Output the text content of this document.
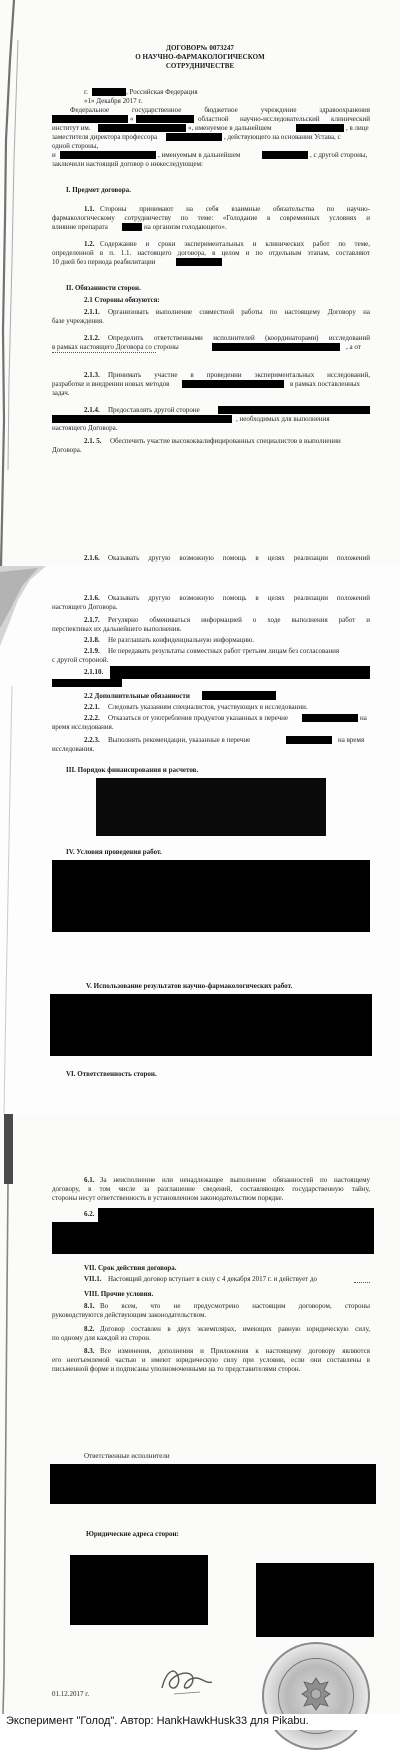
ДОГОВОР№ 0073247
О НАУЧНО-ФАРМАКОЛОГИЧЕСКОМ
СОТРУДНИЧЕСТВЕ
г.	, Российская Федерация
«1» Декабря 2017 г.
Федеральное государственное бюджетное учреждение здравоохранения
«	областной научно-исследовательский клинический
институт им.	», именуемое в дальнейшем	, в лице
заместителя директора профессора	, действующего на основании Устава, с
одной стороны,
и	, именуемым в дальнейшем	, с другой стороны,
заключили настоящий договор о нижеследующем:
I. Предмет договора.
1.1. Стороны принимают на себя взаимные обязательства по научно-
фармакологическому сотрудничеству по теме: «Голодание в современных условиях и
влияние препарата	на организм голодающего».
1.2. Содержание и сроки экспериментальных и клинических работ по теме,
определенной в п. 1.1. настоящего договора, в целом и по отдельным этапам, составляют
10 дней без периода реабилитации
II. Обязанности сторон.
2.1 Стороны обязуются:
2.1.1. Организовать выполнение совместной работы по настоящему Договору на
базе учреждения.
2.1.2. Определить ответственными исполнителей (координаторами) исследований
в рамках настоящего Договора со стороны	, а от
2.1.3. Принимать участие в проведении экспериментальных исследований,
разработке и внедрении новых методов	в рамках поставленных
задач.
2.1.4. Предоставлять другой стороне
, необходимых для выполнения
настоящего Договора.
2.1. 5. Обеспечить участие высококвалифицированных специалистов в выполнении
Договора.
2.1.6. Оказывать другую возможную помощь в целях реализации положений
2.1.6. Оказывать другую возможную помощь в целях реализации положений
настоящего Договора.
2.1.7. Регулярно обмениваться информацией о ходе выполнения работ и
перспективах их дальнейшего выполнения.
2.1.8. Не разглашать конфиденциальную информацию.
2.1.9. Не передавать результаты совместных работ третьим лицам без согласования
с другой стороной.
2.1.10.
2.2 Дополнительные обязанности
2.2.1. Следовать указаниям специалистов, участвующих в исследовании.
2.2.2. Отказаться от употребления продуктов указанных в перечне	на
время исследования.
2.2.3. Выполнять рекомендации, указанные в перечне	на время
исследования.
III. Порядок финансирования и расчетов.
IV. Условия проведения работ.
V. Использование результатов научно-фармакологических работ.
VI. Ответственность сторон.
6.1. За неисполнение или ненадлежащее выполнение обязанностей по настоящему
договору, в том числе за разглашение сведений, составляющих государственную тайну,
стороны несут ответственность в установленном законодательством порядке.
6.2.
VII. Срок действия договора.
VII.1. Настоящий договор вступает в силу с 4 декабря 2017 г. и действует до
VIII. Прочие условия.
8.1. Во всем, что не предусмотрено настоящим договором, стороны
руководствуются действующим законодательством.
8.2. Договор составлен в двух экземплярах, имеющих равную юридическую силу,
по одному для каждой из сторон.
8.3. Все изменения, дополнения и Приложения к настоящему договору являются
его неотъемлемой частью и имеют юридическую силу при условии, если они составлены в
письменной форме и подписаны уполномоченными на то представителями сторон.
Ответственные исполнители
Юридические адреса сторон:
01.12.2017 г.
Эксперимент "Голод". Автор: HankHawkHusk33 для Pikabu.
